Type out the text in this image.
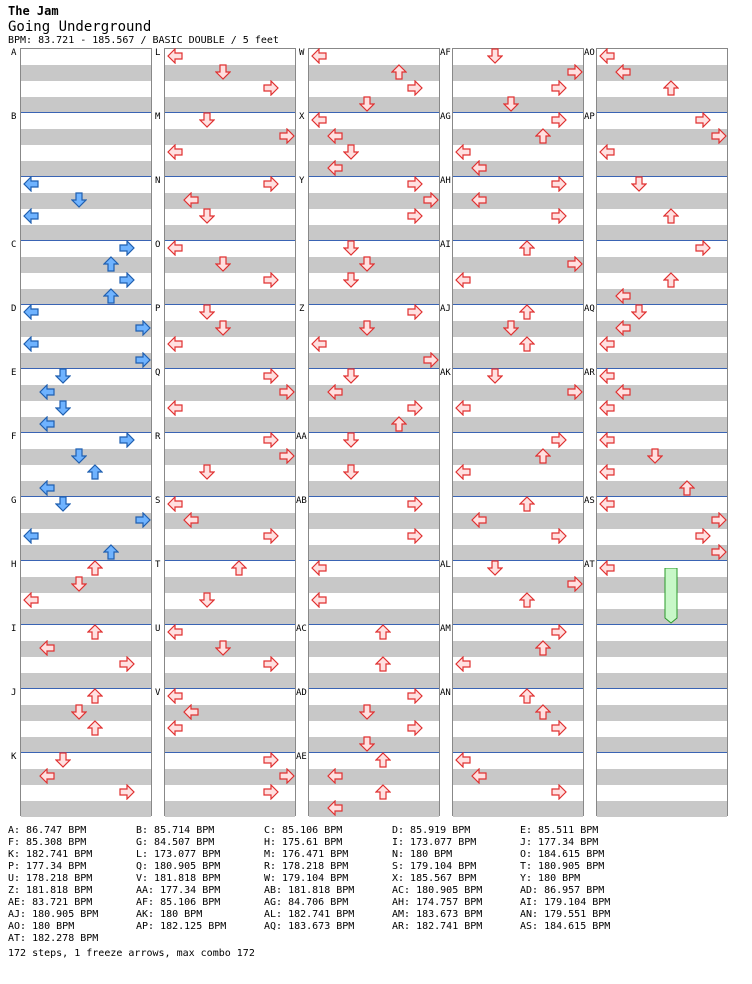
The Jam
Going Underground
BPM: 83.721 - 185.567 / BASIC DOUBLE / 5 feet
A
B
C
D
E
F
G
H
I
J
K
L
M
N
O
P
Q
R
S
T
U
V
W
X
Y
Z
AA
AB
AC
AD
AE
AF
AG
AH
AI
AJ
AK
AL
AM
AN
AO
AP
AQ
AR
AS
AT
A: 86.747 BPM	B: 85.714 BPM	C: 85.106 BPM	D: 85.919 BPM	E: 85.511 BPM
F: 85.308 BPM	G: 84.507 BPM	H: 175.61 BPM	I: 173.077 BPM	J: 177.34 BPM
K: 182.741 BPM	L: 173.077 BPM	M: 176.471 BPM	N: 180 BPM	O: 184.615 BPM
P: 177.34 BPM	Q: 180.905 BPM	R: 178.218 BPM	S: 179.104 BPM	T: 180.905 BPM
U: 178.218 BPM	V: 181.818 BPM	W: 179.104 BPM	X: 185.567 BPM	Y: 180 BPM
Z: 181.818 BPM	AA: 177.34 BPM	AB: 181.818 BPM	AC: 180.905 BPM	AD: 86.957 BPM
AE: 83.721 BPM	AF: 85.106 BPM	AG: 84.706 BPM	AH: 174.757 BPM	AI: 179.104 BPM
AJ: 180.905 BPM	AK: 180 BPM	AL: 182.741 BPM	AM: 183.673 BPM	AN: 179.551 BPM
AO: 180 BPM	AP: 182.125 BPM	AQ: 183.673 BPM	AR: 182.741 BPM	AS: 184.615 BPM
AT: 182.278 BPM
172 steps, 1 freeze arrows, max combo 172
